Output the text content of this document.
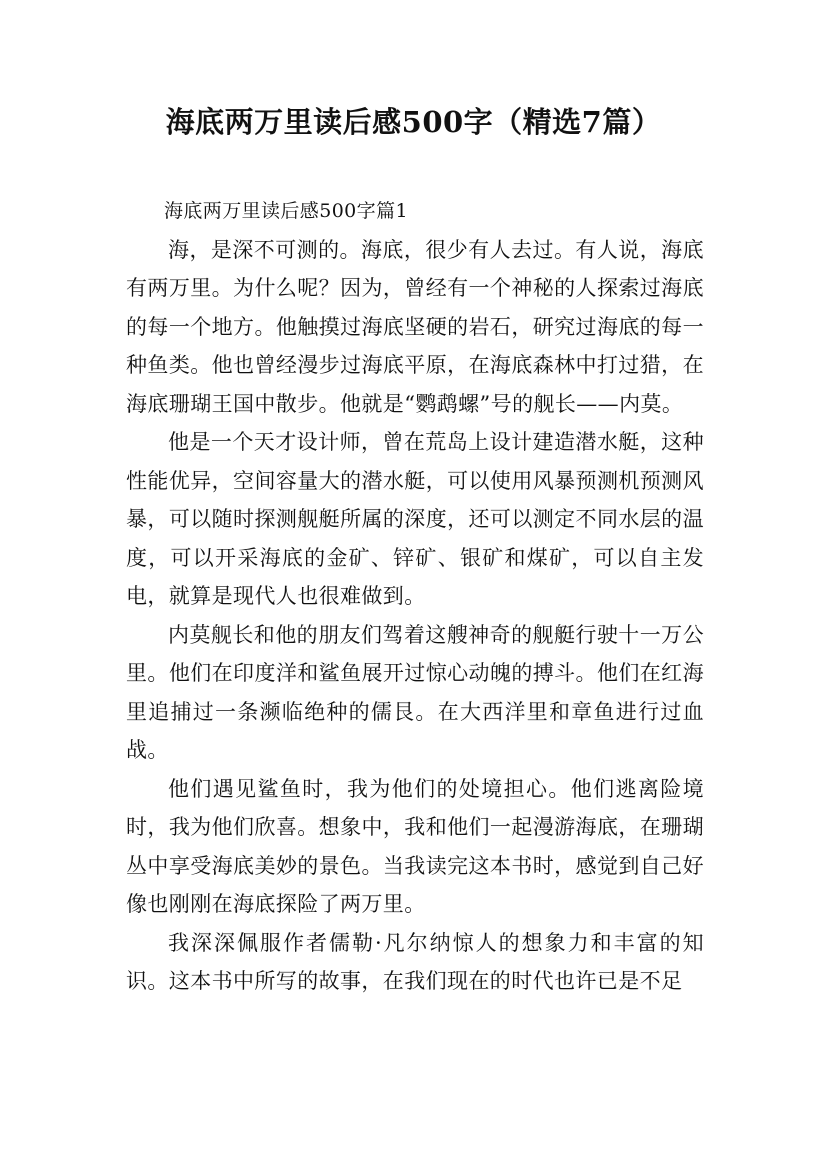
海底两万里读后感500字（精选7篇）
海底两万里读后感500字篇1

海，是深不可测的。海底，很少有人去过。有人说，海底有两万里。为什么呢？因为，曾经有一个神秘的人探索过海底的每一个地方。他触摸过海底坚硬的岩石，研究过海底的每一种鱼类。他也曾经漫步过海底平原，在海底森林中打过猎，在海底珊瑚王国中散步。他就是“鹦鹉螺”号的舰长——内莫。

他是一个天才设计师，曾在荒岛上设计建造潜水艇，这种性能优异，空间容量大的潜水艇，可以使用风暴预测机预测风暴，可以随时探测舰艇所属的深度，还可以测定不同水层的温度，可以开采海底的金矿、锌矿、银矿和煤矿，可以自主发电，就算是现代人也很难做到。

内莫舰长和他的朋友们驾着这艘神奇的舰艇行驶十一万公里。他们在印度洋和鲨鱼展开过惊心动魄的搏斗。他们在红海里追捕过一条濒临绝种的儒艮。在大西洋里和章鱼进行过血战。

他们遇见鲨鱼时，我为他们的处境担心。他们逃离险境时，我为他们欣喜。想象中，我和他们一起漫游海底，在珊瑚丛中享受海底美妙的景色。当我读完这本书时，感觉到自己好像也刚刚在海底探险了两万里。

我深深佩服作者儒勒·凡尔纳惊人的想象力和丰富的知识。这本书中所写的故事，在我们现在的时代也许已是不足
